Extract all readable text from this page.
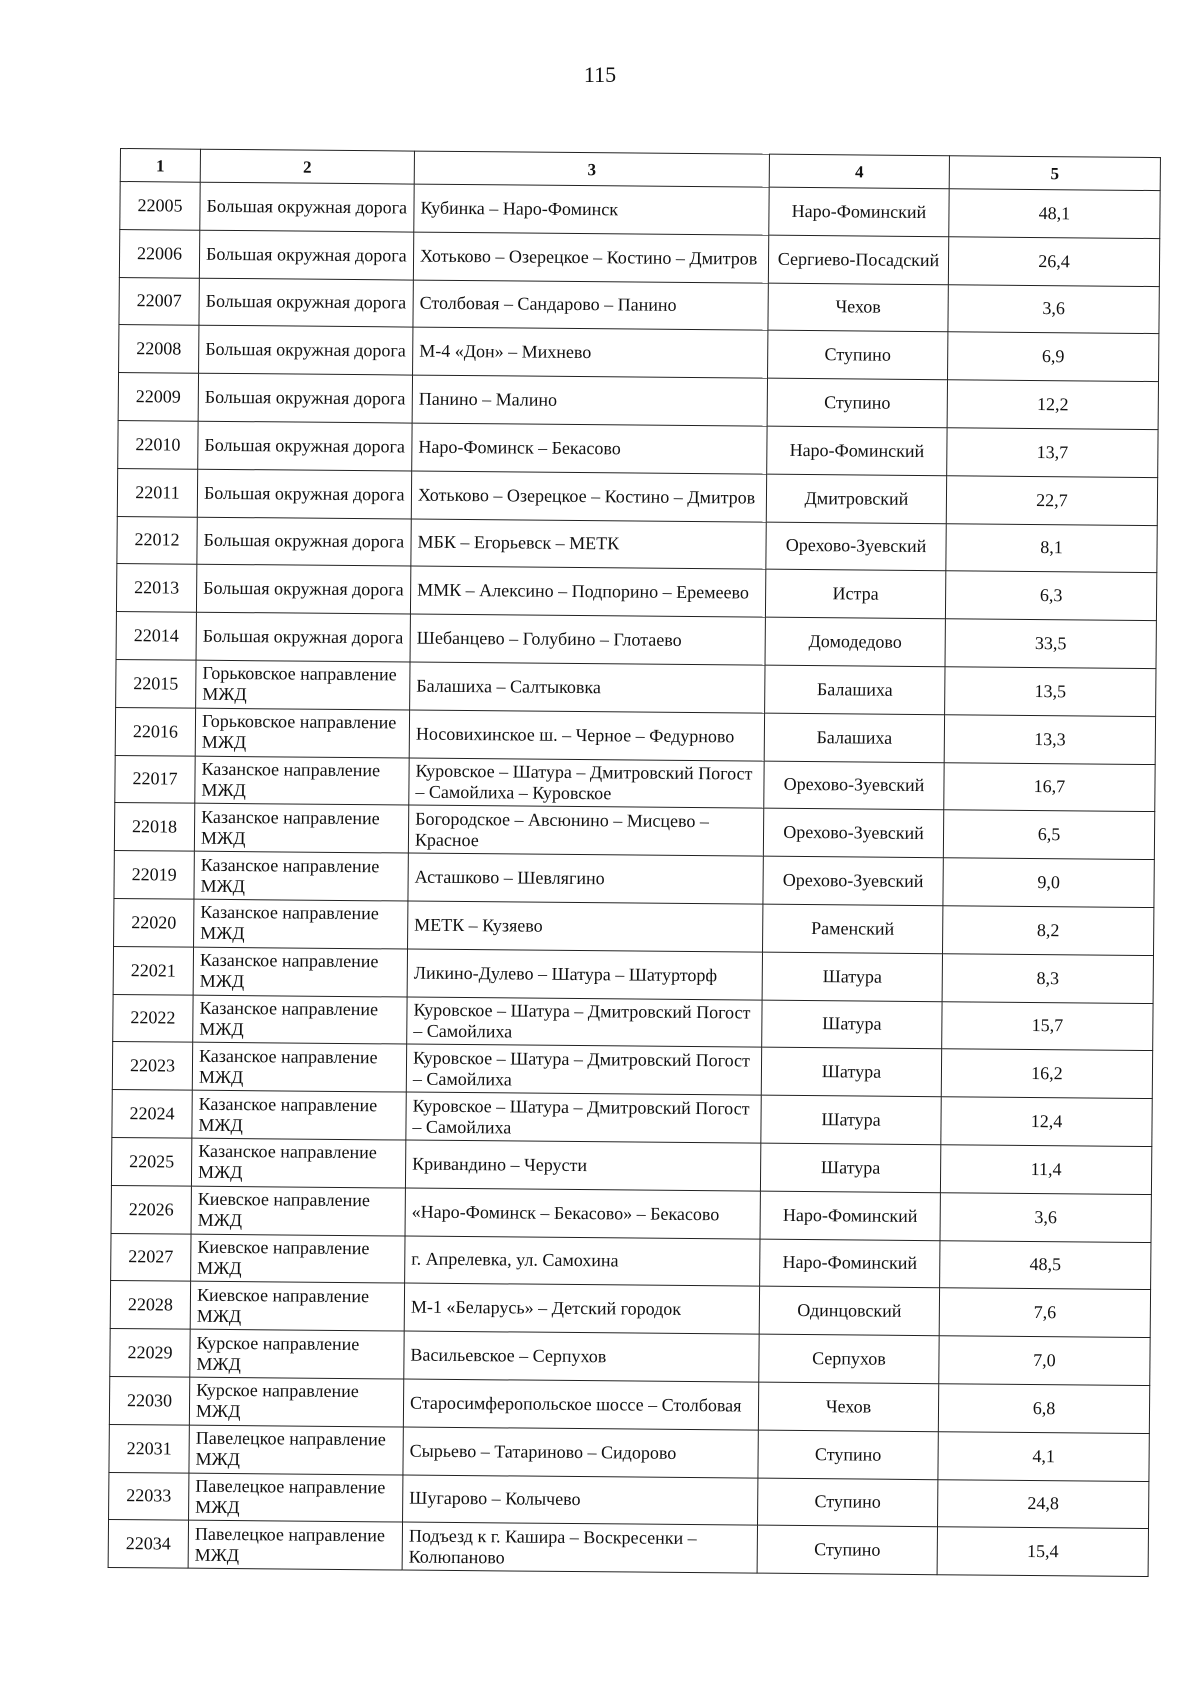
115
1	2	3	4	5
22005	Большая окружная дорога	Кубинка – Наро-Фоминск	Наро-Фоминский	48,1
22006	Большая окружная дорога	Хотьково – Озерецкое – Костино – Дмитров	Сергиево-Посадский	26,4
22007	Большая окружная дорога	Столбовая – Сандарово – Панино	Чехов	3,6
22008	Большая окружная дорога	М-4 «Дон» – Михнево	Ступино	6,9
22009	Большая окружная дорога	Панино – Малино	Ступино	12,2
22010	Большая окружная дорога	Наро-Фоминск – Бекасово	Наро-Фоминский	13,7
22011	Большая окружная дорога	Хотьково – Озерецкое – Костино – Дмитров	Дмитровский	22,7
22012	Большая окружная дорога	МБК – Егорьевск – МЕТК	Орехово-Зуевский	8,1
22013	Большая окружная дорога	ММК – Алексино – Подпорино – Еремеево	Истра	6,3
22014	Большая окружная дорога	Шебанцево – Голубино – Глотаево	Домодедово	33,5
22015	Горьковское направление МЖД	Балашиха – Салтыковка	Балашиха	13,5
22016	Горьковское направление МЖД	Носовихинское ш. – Черное – Федурново	Балашиха	13,3
22017	Казанское направление МЖД	Куровское – Шатура – Дмитровский Погост – Самойлиха – Куровское	Орехово-Зуевский	16,7
22018	Казанское направление МЖД	Богородское – Авсюнино – Мисцево – Красное	Орехово-Зуевский	6,5
22019	Казанское направление МЖД	Асташково – Шевлягино	Орехово-Зуевский	9,0
22020	Казанское направление МЖД	МЕТК – Кузяево	Раменский	8,2
22021	Казанское направление МЖД	Ликино-Дулево – Шатура – Шатурторф	Шатура	8,3
22022	Казанское направление МЖД	Куровское – Шатура – Дмитровский Погост – Самойлиха	Шатура	15,7
22023	Казанское направление МЖД	Куровское – Шатура – Дмитровский Погост – Самойлиха	Шатура	16,2
22024	Казанское направление МЖД	Куровское – Шатура – Дмитровский Погост – Самойлиха	Шатура	12,4
22025	Казанское направление МЖД	Кривандино – Черусти	Шатура	11,4
22026	Киевское направление МЖД	«Наро-Фоминск – Бекасово» – Бекасово	Наро-Фоминский	3,6
22027	Киевское направление МЖД	г. Апрелевка, ул. Самохина	Наро-Фоминский	48,5
22028	Киевское направление МЖД	М-1 «Беларусь» – Детский городок	Одинцовский	7,6
22029	Курское направление МЖД	Васильевское – Серпухов	Серпухов	7,0
22030	Курское направление МЖД	Старосимферопольское шоссе – Столбовая	Чехов	6,8
22031	Павелецкое направление МЖД	Сырьево – Татариново – Сидорово	Ступино	4,1
22033	Павелецкое направление МЖД	Шугарово – Колычево	Ступино	24,8
22034	Павелецкое направление МЖД	Подъезд к г. Кашира – Воскресенки – Колюпаново	Ступино	15,4
